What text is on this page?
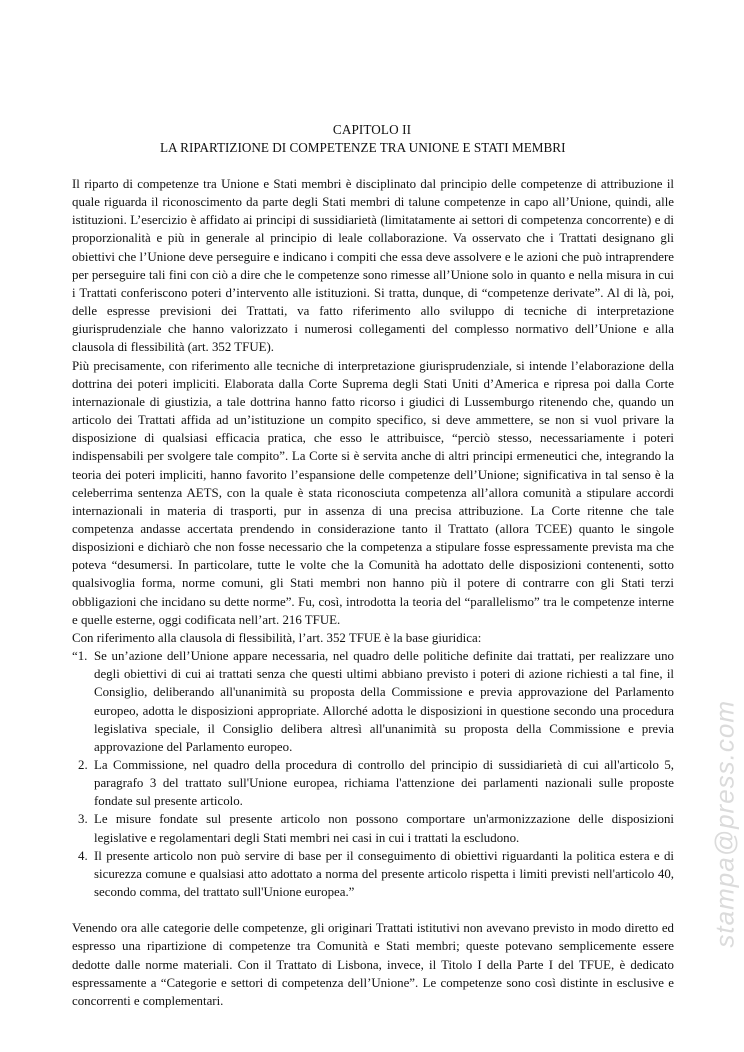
CAPITOLO II
LA RIPARTIZIONE DI COMPETENZE TRA UNIONE E STATI MEMBRI

Il riparto di competenze tra Unione e Stati membri è disciplinato dal principio delle competenze di attribuzione il quale riguarda il riconoscimento da parte degli Stati membri di talune competenze in capo all’Unione, quindi, alle istituzioni. L’esercizio è affidato ai principi di sussidiarietà (limitatamente ai settori di competenza concorrente) e di proporzionalità e più in generale al principio di leale collaborazione. Va osservato che i Trattati designano gli obiettivi che l’Unione deve perseguire e indicano i compiti che essa deve assolvere e le azioni che può intraprendere per perseguire tali fini con ciò a dire che le competenze sono rimesse all’Unione solo in quanto e nella misura in cui i Trattati conferiscono poteri d’intervento alle istituzioni. Si tratta, dunque, di “competenze derivate”. Al di là, poi, delle espresse previsioni dei Trattati, va fatto riferimento allo sviluppo di tecniche di interpretazione giurisprudenziale che hanno valorizzato i numerosi collegamenti del complesso normativo dell’Unione e alla clausola di flessibilità (art. 352 TFUE).

Più precisamente, con riferimento alle tecniche di interpretazione giurisprudenziale, si intende l’elaborazione della dottrina dei poteri impliciti. Elaborata dalla Corte Suprema degli Stati Uniti d’America e ripresa poi dalla Corte internazionale di giustizia, a tale dottrina hanno fatto ricorso i giudici di Lussemburgo ritenendo che, quando un articolo dei Trattati affida ad un’istituzione un compito specifico, si deve ammettere, se non si vuol privare la disposizione di qualsiasi efficacia pratica, che esso le attribuisce, “perciò stesso, necessariamente i poteri indispensabili per svolgere tale compito”. La Corte si è servita anche di altri principi ermeneutici che, integrando la teoria dei poteri impliciti, hanno favorito l’espansione delle competenze dell’Unione; significativa in tal senso è la celeberrima sentenza AETS, con la quale è stata riconosciuta competenza all’allora comunità a stipulare accordi internazionali in materia di trasporti, pur in assenza di una precisa attribuzione. La Corte ritenne che tale competenza andasse accertata prendendo in considerazione tanto il Trattato (allora TCEE) quanto le singole disposizioni e dichiarò che non fosse necessario che la competenza a stipulare fosse espressamente prevista ma che poteva “desumersi. In particolare, tutte le volte che la Comunità ha adottato delle disposizioni contenenti, sotto qualsivoglia forma, norme comuni, gli Stati membri non hanno più il potere di contrarre con gli Stati terzi obbligazioni che incidano su dette norme”. Fu, così, introdotta la teoria del “parallelismo” tra le competenze interne e quelle esterne, oggi codificata nell’art. 216 TFUE.

Con riferimento alla clausola di flessibilità, l’art. 352 TFUE è la base giuridica:

“1. Se un’azione dell’Unione appare necessaria, nel quadro delle politiche definite dai trattati, per realizzare uno degli obiettivi di cui ai trattati senza che questi ultimi abbiano previsto i poteri di azione richiesti a tal fine, il Consiglio, deliberando all'unanimità su proposta della Commissione e previa approvazione del Parlamento europeo, adotta le disposizioni appropriate. Allorché adotta le disposizioni in questione secondo una procedura legislativa speciale, il Consiglio delibera altresì all'unanimità su proposta della Commissione e previa approvazione del Parlamento europeo.
2. La Commissione, nel quadro della procedura di controllo del principio di sussidiarietà di cui all'articolo 5, paragrafo 3 del trattato sull'Unione europea, richiama l'attenzione dei parlamenti nazionali sulle proposte fondate sul presente articolo.
3. Le misure fondate sul presente articolo non possono comportare un'armonizzazione delle disposizioni legislative e regolamentari degli Stati membri nei casi in cui i trattati la escludono.
4. Il presente articolo non può servire di base per il conseguimento di obiettivi riguardanti la politica estera e di sicurezza comune e qualsiasi atto adottato a norma del presente articolo rispetta i limiti previsti nell'articolo 40, secondo comma, del trattato sull'Unione europea.”

Venendo ora alle categorie delle competenze, gli originari Trattati istitutivi non avevano previsto in modo diretto ed espresso una ripartizione di competenze tra Comunità e Stati membri; queste potevano semplicemente essere dedotte dalle norme materiali. Con il Trattato di Lisbona, invece, il Titolo I della Parte I del TFUE, è dedicato espressamente a “Categorie e settori di competenza dell’Unione”. Le competenze sono così distinte in esclusive e concorrenti e complementari.

stampa@press.com
